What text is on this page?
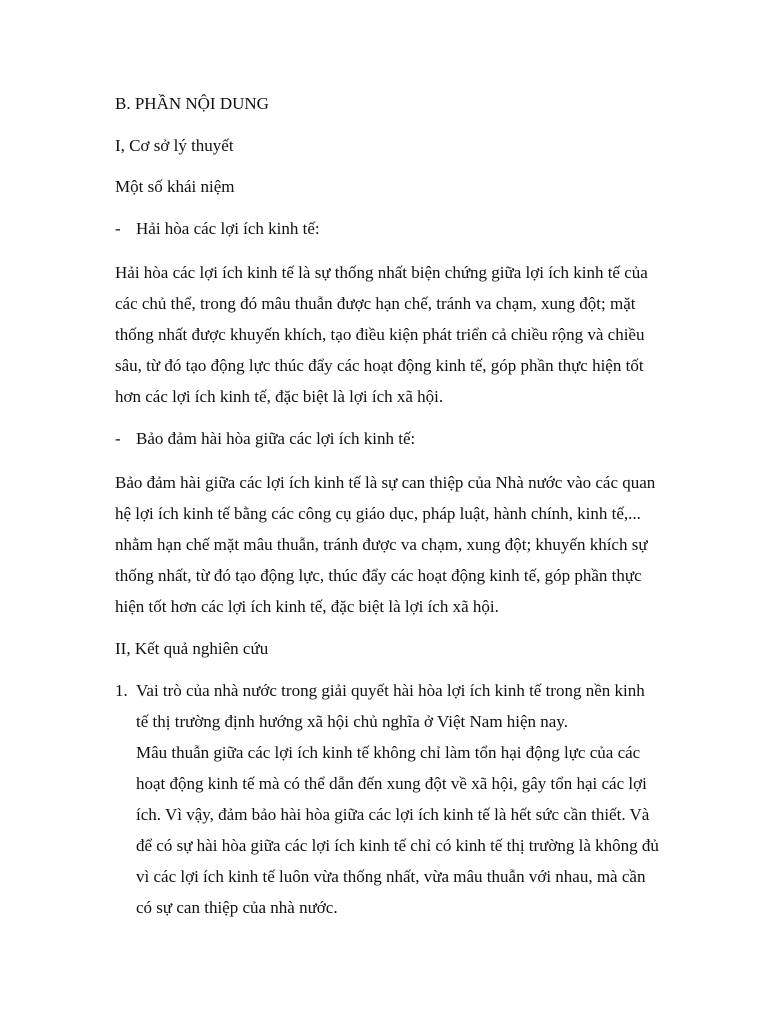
B. PHẦN NỘI DUNG
I, Cơ sở lý thuyết
Một số khái niệm
- Hải hòa các lợi ích kinh tế:
Hải hòa các lợi ích kinh tế là sự thống nhất biện chứng giữa lợi ích kinh tế của
các chủ thể, trong đó mâu thuẫn được hạn chế, tránh va chạm, xung đột; mặt
thống nhất được khuyến khích, tạo điều kiện phát triển cả chiều rộng và chiều
sâu, từ đó tạo động lực thúc đẩy các hoạt động kinh tế, góp phần thực hiện tốt
hơn các lợi ích kinh tế, đặc biệt là lợi ích xã hội.
- Bảo đảm hài hòa giữa các lợi ích kinh tế:
Bảo đảm hài giữa các lợi ích kinh tế là sự can thiệp của Nhà nước vào các quan
hệ lợi ích kinh tế bằng các công cụ giáo dục, pháp luật, hành chính, kinh tế,...
nhằm hạn chế mặt mâu thuẫn, tránh được va chạm, xung đột; khuyến khích sự
thống nhất, từ đó tạo động lực, thúc đẩy các hoạt động kinh tế, góp phần thực
hiện tốt hơn các lợi ích kinh tế, đặc biệt là lợi ích xã hội.
II, Kết quả nghiên cứu
1. Vai trò của nhà nước trong giải quyết hài hòa lợi ích kinh tế trong nền kinh
tế thị trường định hướng xã hội chủ nghĩa ở Việt Nam hiện nay.
Mâu thuẫn giữa các lợi ích kinh tế không chỉ làm tổn hại động lực của các
hoạt động kinh tế mà có thể dẫn đến xung đột về xã hội, gây tổn hại các lợi
ích. Vì vậy, đảm bảo hài hòa giữa các lợi ích kinh tế là hết sức cần thiết. Và
để có sự hài hòa giữa các lợi ích kinh tế chỉ có kinh tế thị trường là không đủ
vì các lợi ích kinh tế luôn vừa thống nhất, vừa mâu thuẫn với nhau, mà cần
có sự can thiệp của nhà nước.
